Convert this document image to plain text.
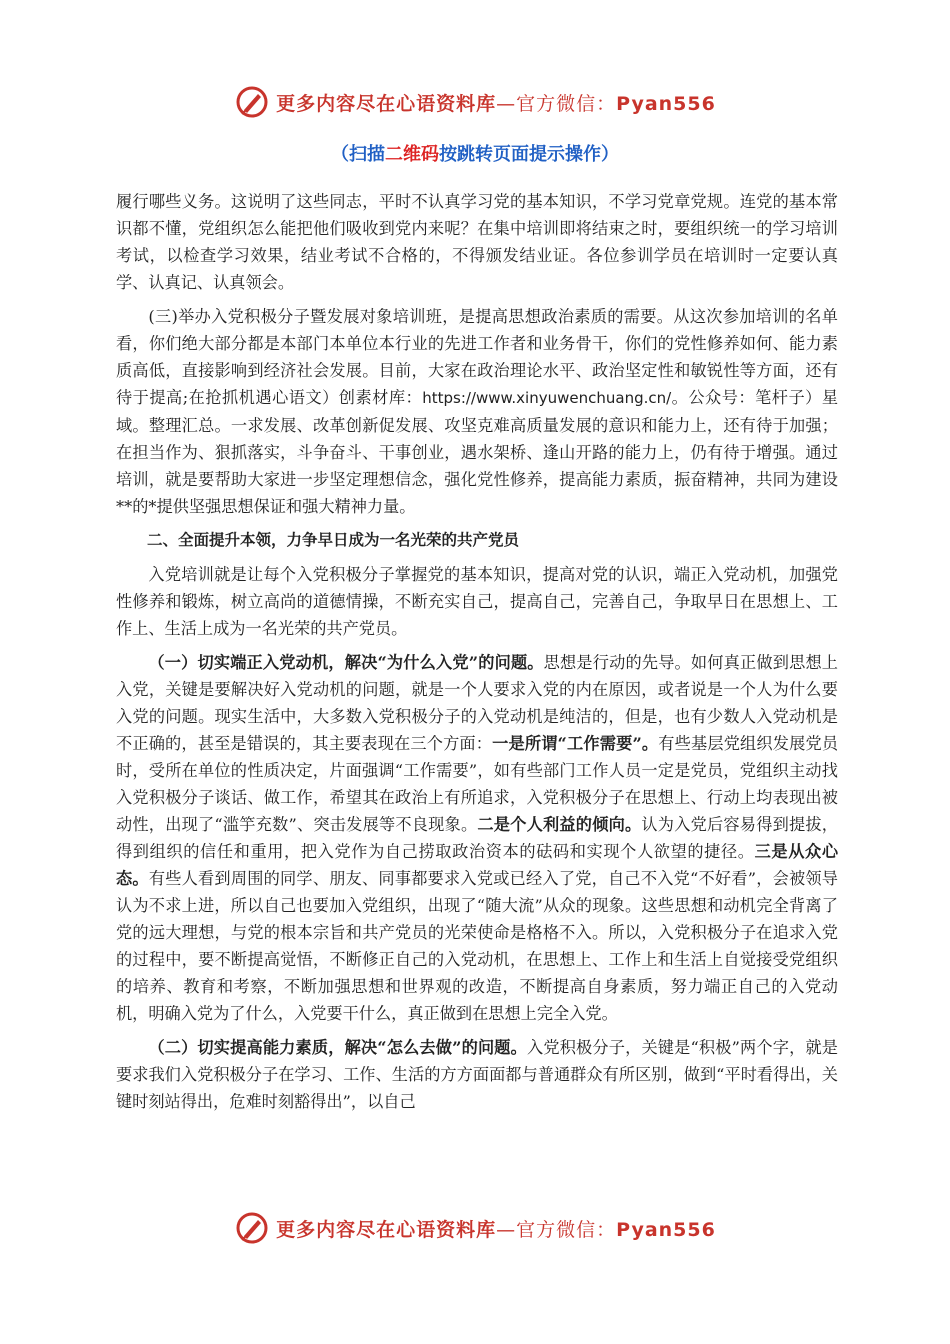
更多内容尽在心语资料库—官方微信：Pyan556
（扫描二维码按跳转页面提示操作）

履行哪些义务。这说明了这些同志，平时不认真学习党的基本知识，不学习党章党规。连党的基本常识都不懂，党组织怎么能把他们吸收到党内来呢？在集中培训即将结束之时，要组织统一的学习培训考试，以检查学习效果，结业考试不合格的，不得颁发结业证。各位参训学员在培训时一定要认真学、认真记、认真领会。

(三)举办入党积极分子暨发展对象培训班，是提高思想政治素质的需要。从这次参加培训的名单看，你们绝大部分都是本部门本单位本行业的先进工作者和业务骨干，你们的党性修养如何、能力素质高低，直接影响到经济社会发展。目前，大家在政治理论水平、政治坚定性和敏锐性等方面，还有待于提高;在抢抓机遇心语文）创素材库：https://www.xinyuwenchuang.cn/。公众号：笔杆子）星域。整理汇总。一求发展、改革创新促发展、攻坚克难高质量发展的意识和能力上，还有待于加强；在担当作为、狠抓落实，斗争奋斗、干事创业，遇水架桥、逢山开路的能力上，仍有待于增强。通过培训，就是要帮助大家进一步坚定理想信念，强化党性修养，提高能力素质，振奋精神，共同为建设**的*提供坚强思想保证和强大精神力量。

二、全面提升本领，力争早日成为一名光荣的共产党员

入党培训就是让每个入党积极分子掌握党的基本知识，提高对党的认识，端正入党动机，加强党性修养和锻炼，树立高尚的道德情操，不断充实自己，提高自己，完善自己，争取早日在思想上、工作上、生活上成为一名光荣的共产党员。

（一）切实端正入党动机，解决“为什么入党”的问题。思想是行动的先导。如何真正做到思想上入党，关键是要解决好入党动机的问题，就是一个人要求入党的内在原因，或者说是一个人为什么要入党的问题。现实生活中，大多数入党积极分子的入党动机是纯洁的，但是，也有少数人入党动机是不正确的，甚至是错误的，其主要表现在三个方面：一是所谓“工作需要”。有些基层党组织发展党员时，受所在单位的性质决定，片面强调“工作需要”，如有些部门工作人员一定是党员，党组织主动找入党积极分子谈话、做工作，希望其在政治上有所追求，入党积极分子在思想上、行动上均表现出被动性，出现了“滥竽充数”、突击发展等不良现象。二是个人利益的倾向。认为入党后容易得到提拔，得到组织的信任和重用，把入党作为自己捞取政治资本的砝码和实现个人欲望的捷径。三是从众心态。有些人看到周围的同学、朋友、同事都要求入党或已经入了党，自己不入党“不好看”，会被领导认为不求上进，所以自己也要加入党组织，出现了“随大流”从众的现象。这些思想和动机完全背离了党的远大理想，与党的根本宗旨和共产党员的光荣使命是格格不入。所以，入党积极分子在追求入党的过程中，要不断提高觉悟，不断修正自己的入党动机，在思想上、工作上和生活上自觉接受党组织的培养、教育和考察，不断加强思想和世界观的改造，不断提高自身素质，努力端正自己的入党动机，明确入党为了什么，入党要干什么，真正做到在思想上完全入党。

（二）切实提高能力素质，解决“怎么去做”的问题。入党积极分子，关键是“积极”两个字，就是要求我们入党积极分子在学习、工作、生活的方方面面都与普通群众有所区别，做到“平时看得出，关键时刻站得出，危难时刻豁得出”，以自己

更多内容尽在心语资料库—官方微信：Pyan556
